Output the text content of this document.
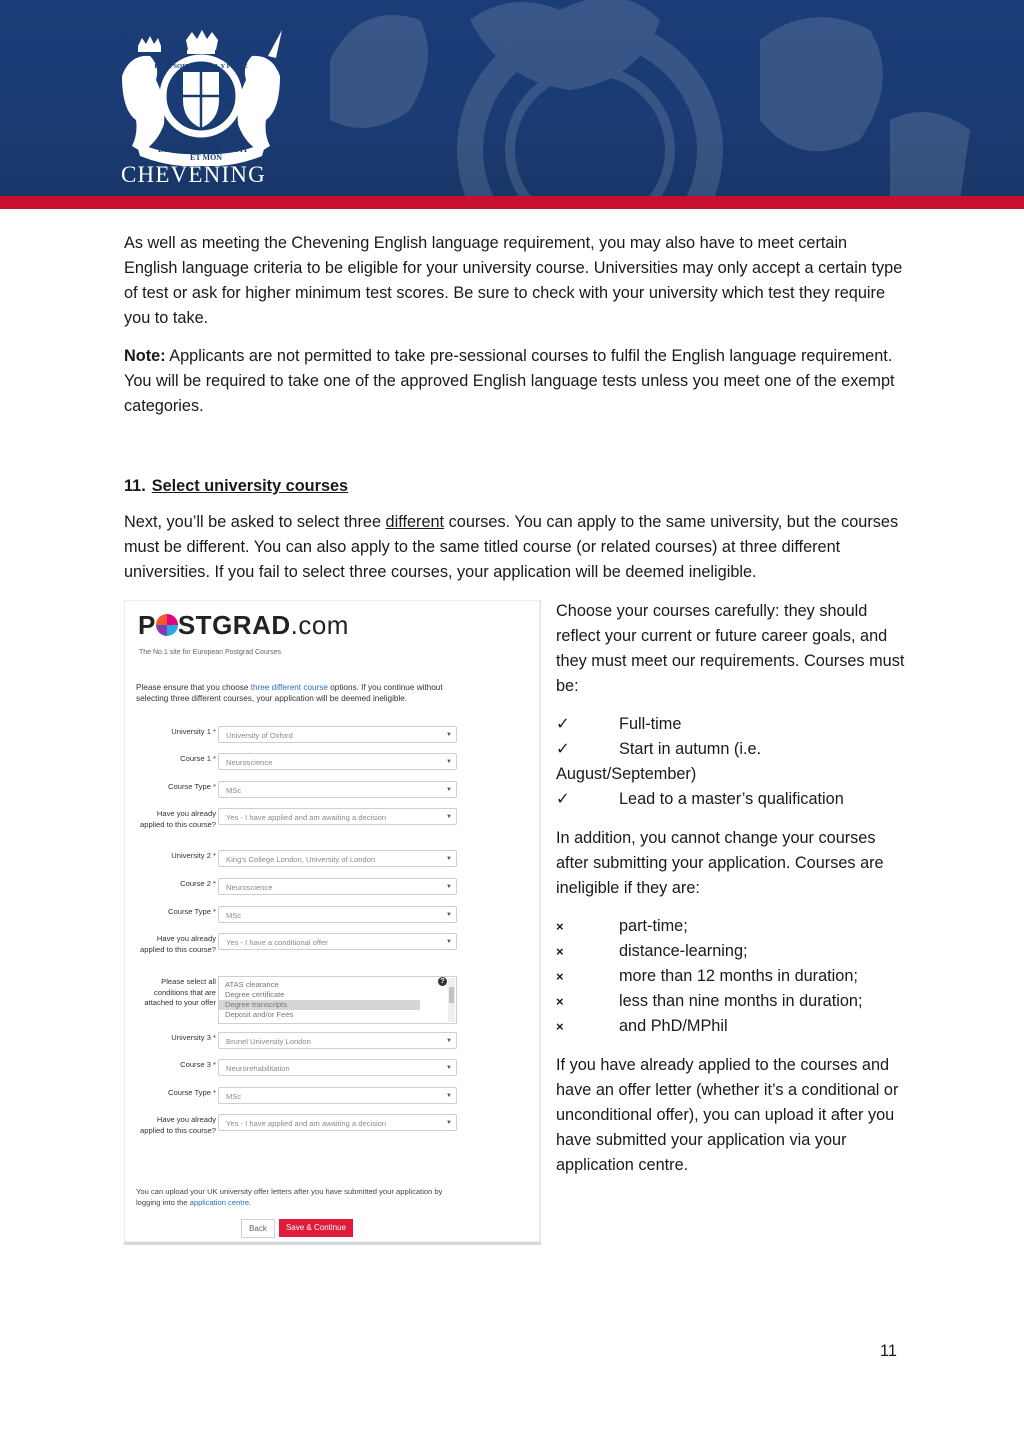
HONI SOIT QUI MAL Y PENSE
DIEU
ET MON
DROIT
CHEVENING

As well as meeting the Chevening English language requirement, you may also have to meet certain English language criteria to be eligible for your university course. Universities may only accept a certain type of test or ask for higher minimum test scores. Be sure to check with your university which test they require you to take.

Note: Applicants are not permitted to take pre-sessional courses to fulfil the English language requirement. You will be required to take one of the approved English language tests unless you meet one of the exempt categories.

11. Select university courses

Next, you’ll be asked to select three different courses. You can apply to the same university, but the courses must be different. You can also apply to the same titled course (or related courses) at three different universities. If you fail to select three courses, your application will be deemed ineligible.

Choose your courses carefully: they should reflect your current or future career goals, and they must meet our requirements. Courses must be:
✓	Full-time
✓	Start in autumn (i.e.
August/September)
✓	Lead to a master’s qualification
In addition, you cannot change your courses after submitting your application. Courses are ineligible if they are:
×	part-time;
×	distance-learning;
×	more than 12 months in duration;
×	less than nine months in duration;
×	and PhD/MPhil
If you have already applied to the courses and have an offer letter (whether it’s a conditional or unconditional offer), you can upload it after you have submitted your application via your application centre.
11
P STGRAD.com
The No.1 site for European Postgrad Courses
Please ensure that you choose three different course options. If you continue without selecting three different courses, your application will be deemed ineligible.
University 1 *	University of Oxford	▼
Course 1 *	Neuroscience	▼
Course Type *	MSc	▼
Have you already applied to this course?
Yes - I have applied and am awaiting a decision	▼
University 2 *	King's College London, University of London	▼
Course 2 *	Neuroscience	▼
Course Type *	MSc	▼
Have you already applied to this course?
Yes - I have a conditional offer	▼
Please select all conditions that are attached to your offer
ATAS clearance
Degree certificate
Degree transcripts
Deposit and/or Fees
?
University 3 *	Brunel University London	▼
Course 3 *	Neurorehabilitation	▼
Course Type *	MSc	▼
Have you already applied to this course?
Yes - I have applied and am awaiting a decision	▼
You can upload your UK university offer letters after you have submitted your application by logging into the application centre.
Back	Save & Continue
